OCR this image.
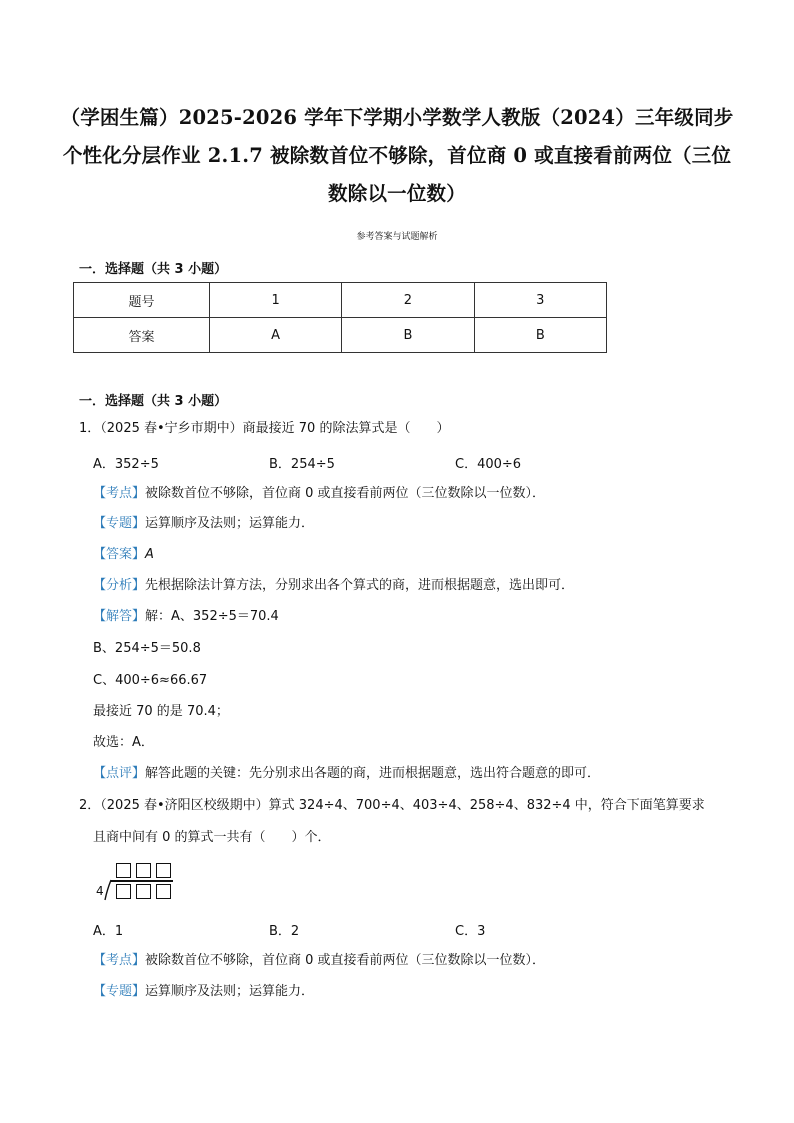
（学困生篇）2025-2026 学年下学期小学数学人教版（2024）三年级同步
个性化分层作业 2.1.7 被除数首位不够除，首位商 0 或直接看前两位（三位
数除以一位数）
参考答案与试题解析
一．选择题（共 3 小题）
题号	1	2	3
答案	A	B	B
一．选择题（共 3 小题）
1．（2025 春•宁乡市期中）商最接近 70 的除法算式是（　　）
A．352÷5	B．254÷5	C．400÷6
【考点】被除数首位不够除，首位商 0 或直接看前两位（三位数除以一位数）．
【专题】运算顺序及法则；运算能力．
【答案】A
【分析】先根据除法计算方法，分别求出各个算式的商，进而根据题意，选出即可．
【解答】解：A、352÷5＝70.4
B、254÷5＝50.8
C、400÷6≈66.67
最接近 70 的是 70.4；
故选：A．
【点评】解答此题的关键：先分别求出各题的商，进而根据题意，选出符合题意的即可．
2．（2025 春•济阳区校级期中）算式 324÷4、700÷4、403÷4、258÷4、832÷4 中，符合下面笔算要求
且商中间有 0 的算式一共有（　　）个．
4
A．1	B．2	C．3
【考点】被除数首位不够除，首位商 0 或直接看前两位（三位数除以一位数）．
【专题】运算顺序及法则；运算能力．
